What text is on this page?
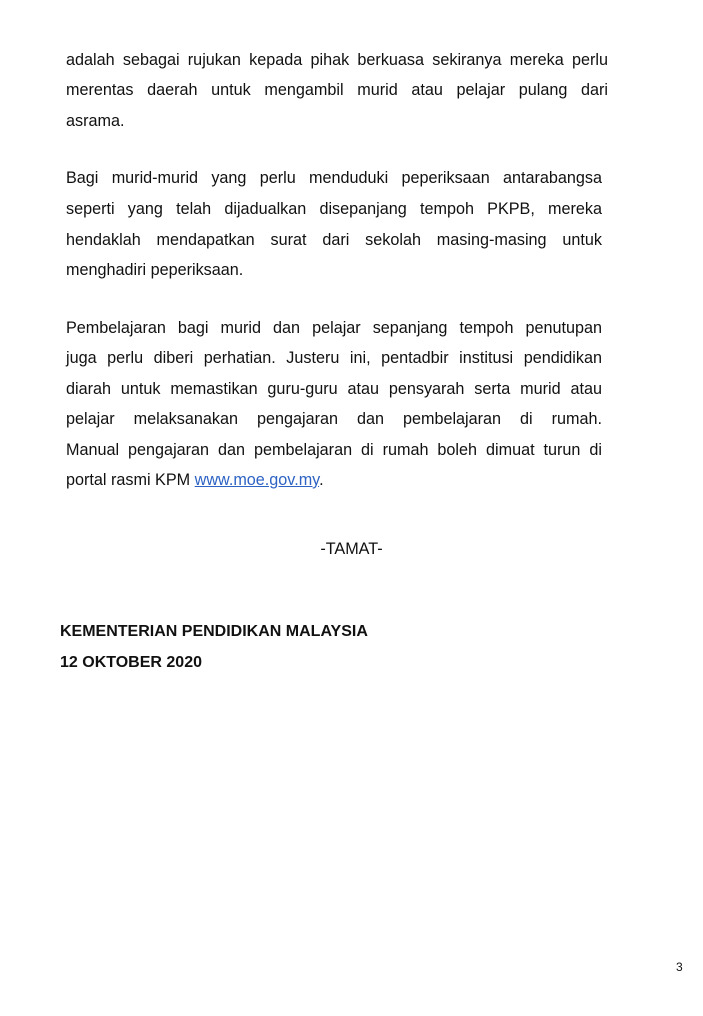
adalah sebagai rujukan kepada pihak berkuasa sekiranya mereka perlu
merentas daerah untuk mengambil murid atau pelajar pulang dari
asrama.
Bagi murid-murid yang perlu menduduki peperiksaan antarabangsa
seperti yang telah dijadualkan disepanjang tempoh PKPB, mereka
hendaklah mendapatkan surat dari sekolah masing-masing untuk
menghadiri peperiksaan.
Pembelajaran bagi murid dan pelajar sepanjang tempoh penutupan
juga perlu diberi perhatian. Justeru ini, pentadbir institusi pendidikan
diarah untuk memastikan guru-guru atau pensyarah serta murid atau
pelajar melaksanakan pengajaran dan pembelajaran di rumah.
Manual pengajaran dan pembelajaran di rumah boleh dimuat turun di
portal rasmi KPM www.moe.gov.my.
-TAMAT-
KEMENTERIAN PENDIDIKAN MALAYSIA
12 OKTOBER 2020
3
